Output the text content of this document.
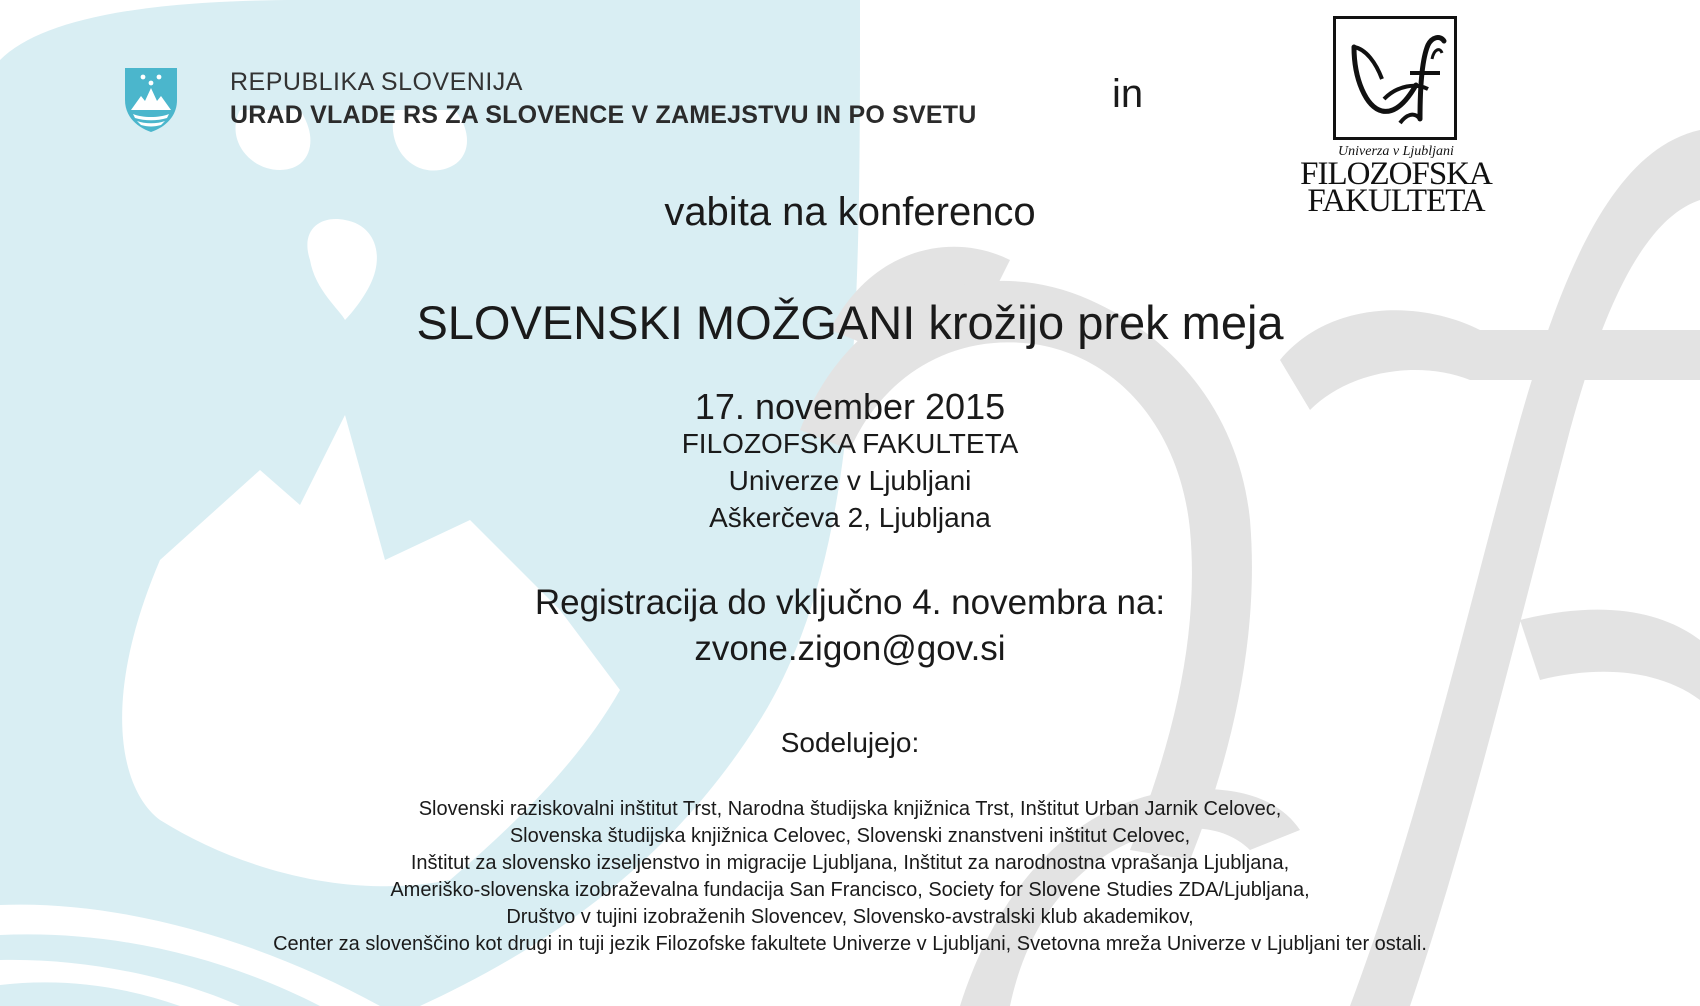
REPUBLIKA SLOVENIJA
URAD VLADE RS ZA SLOVENCE V ZAMEJSTVU IN PO SVETU	in
Univerza v Ljubljani
FILOZOFSKA
FAKULTETA
vabita na konferenco
SLOVENSKI MOŽGANI krožijo prek meja
17. november 2015
FILOZOFSKA FAKULTETA
Univerze v Ljubljani
Aškerčeva 2, Ljubljana
Registracija do vključno 4. novembra na:
zvone.zigon@gov.si
Sodelujejo:
Slovenski raziskovalni inštitut Trst, Narodna študijska knjižnica Trst, Inštitut Urban Jarnik Celovec,
Slovenska študijska knjižnica Celovec, Slovenski znanstveni inštitut Celovec,
Inštitut za slovensko izseljenstvo in migracije Ljubljana, Inštitut za narodnostna vprašanja Ljubljana,
Ameriško-slovenska izobraževalna fundacija San Francisco, Society for Slovene Studies ZDA/Ljubljana,
Društvo v tujini izobraženih Slovencev, Slovensko-avstralski klub akademikov,
Center za slovenščino kot drugi in tuji jezik Filozofske fakultete Univerze v Ljubljani, Svetovna mreža Univerze v Ljubljani ter ostali.
